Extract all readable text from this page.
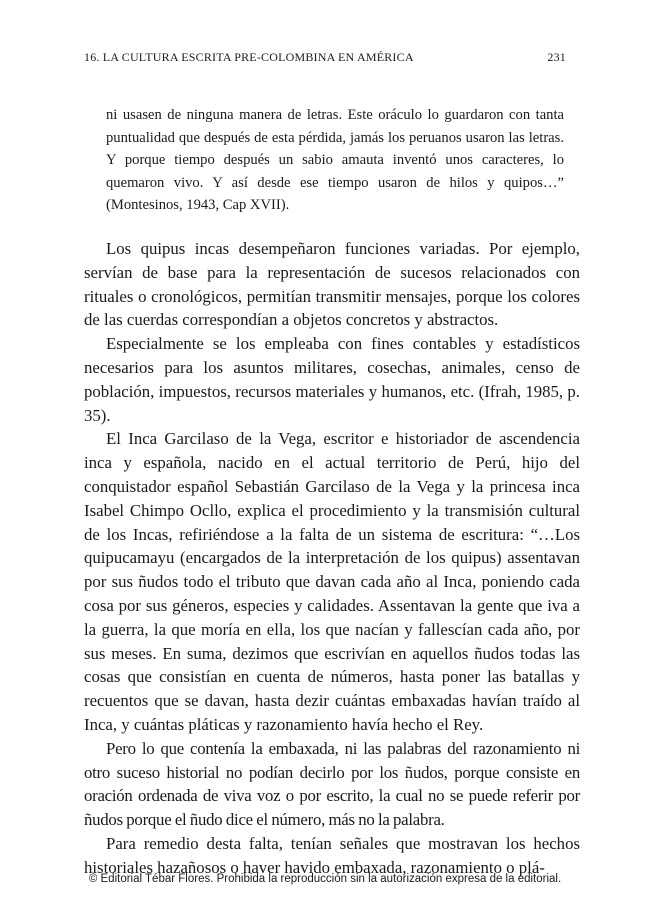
16. LA CULTURA ESCRITA PRE-COLOMBINA EN AMÉRICA	231

ni usasen de ninguna manera de letras. Este oráculo lo guardaron con tanta puntualidad que después de esta pérdida, jamás los peruanos usaron las letras. Y porque tiempo después un sabio amauta inventó unos caracteres, lo quemaron vivo. Y así desde ese tiempo usaron de hilos y quipos…” (Montesinos, 1943, Cap XVII).

Los quipus incas desempeñaron funciones variadas. Por ejemplo, servían de base para la representación de sucesos relacionados con rituales o cronológicos, permitían transmitir mensajes, porque los colores de las cuerdas correspondían a objetos concretos y abstractos.

Especialmente se los empleaba con fines contables y estadísticos necesarios para los asuntos militares, cosechas, animales, censo de población, impuestos, recursos materiales y humanos, etc. (Ifrah, 1985, p. 35).

El Inca Garcilaso de la Vega, escritor e historiador de ascendencia inca y española, nacido en el actual territorio de Perú, hijo del conquistador español Sebastián Garcilaso de la Vega y la princesa inca Isabel Chimpo Ocllo, explica el procedimiento y la transmisión cultural de los Incas, refiriéndose a la falta de un sistema de escritura: “…Los quipucamayu (encargados de la interpretación de los quipus) assentavan por sus ñudos todo el tributo que davan cada año al Inca, poniendo cada cosa por sus géneros, especies y calidades. Assentavan la gente que iva a la guerra, la que moría en ella, los que nacían y fallescían cada año, por sus meses. En suma, dezimos que escrivían en aquellos ñudos todas las cosas que consistían en cuenta de números, hasta poner las batallas y recuentos que se davan, hasta dezir cuántas embaxadas havían traído al Inca, y cuántas pláticas y razonamiento havía hecho el Rey.

Pero lo que contenía la embaxada, ni las palabras del razonamiento ni otro suceso historial no podían decirlo por los ñudos, porque consiste en oración ordenada de viva voz o por escrito, la cual no se puede referir por ñudos porque el ñudo dice el número, más no la palabra.

Para remedio desta falta, tenían señales que mostravan los hechos historiales hazañosos o haver havido embaxada, razonamiento o plá-

© Editorial Tébar Flores. Prohibida la reproducción sin la autorización expresa de la editorial.
